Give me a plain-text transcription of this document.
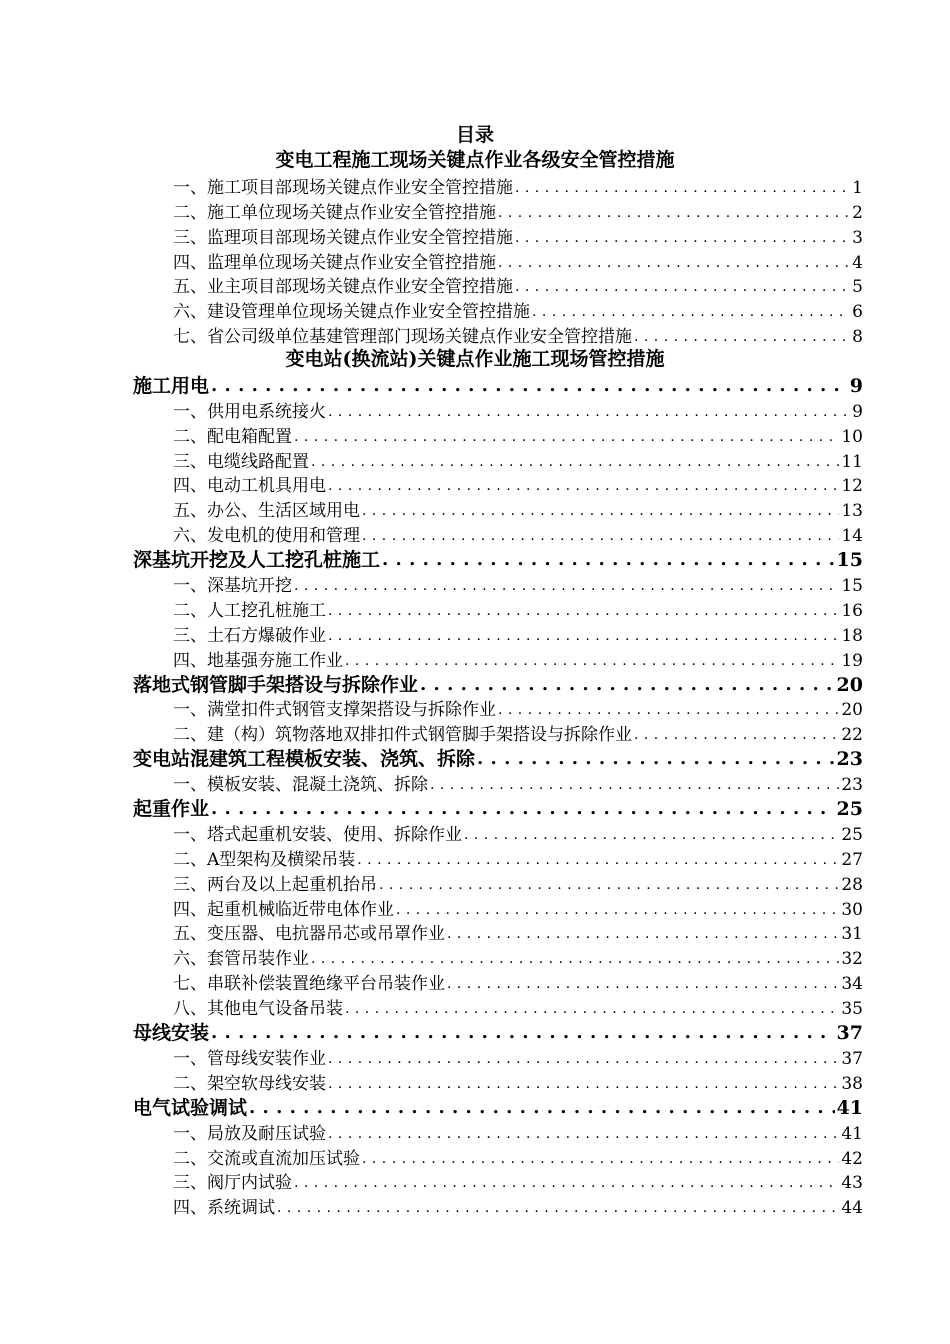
目录
变电工程施工现场关键点作业各级安全管控措施
一、施工项目部现场关键点作业安全管控措施 . . .	1
二、施工单位现场关键点作业安全管控措施 . . .	2
三、监理项目部现场关键点作业安全管控措施 . . .	3
四、监理单位现场关键点作业安全管控措施 . . .	4
五、业主项目部现场关键点作业安全管控措施 . . .	5
六、建设管理单位现场关键点作业安全管控措施 . . .	6
七、省公司级单位基建管理部门现场关键点作业安全管控措施 . . .	8
变电站(换流站)关键点作业施工现场管控措施
施工用电 . . .	9
一、供用电系统接火 . . .	9
二、配电箱配置 . . .	10
三、电缆线路配置 . . .	11
四、电动工机具用电 . . .	12
五、办公、生活区域用电 . . .	13
六、发电机的使用和管理 . . .	14
深基坑开挖及人工挖孔桩施工 . . .	15
一、深基坑开挖 . . .	15
二、人工挖孔桩施工 . . .	16
三、土石方爆破作业 . . .	18
四、地基强夯施工作业 . . .	19
落地式钢管脚手架搭设与拆除作业 . . .	20
一、满堂扣件式钢管支撑架搭设与拆除作业 . . .	20
二、建（构）筑物落地双排扣件式钢管脚手架搭设与拆除作业 . . .	22
变电站混建筑工程模板安装、浇筑、拆除 . . .	23
一、模板安装、混凝土浇筑、拆除 . . .	23
起重作业 . . .	25
一、塔式起重机安装、使用、拆除作业 . . .	25
二、A型架构及横梁吊装 . . .	27
三、两台及以上起重机抬吊 . . .	28
四、起重机械临近带电体作业 . . .	30
五、变压器、电抗器吊芯或吊罩作业 . . .	31
六、套管吊装作业 . . .	32
七、串联补偿装置绝缘平台吊装作业 . . .	34
八、其他电气设备吊装 . . .	35
母线安装 . . .	37
一、管母线安装作业 . . .	37
二、架空软母线安装 . . .	38
电气试验调试 . . .	41
一、局放及耐压试验 . . .	41
二、交流或直流加压试验 . . .	42
三、阀厅内试验 . . .	43
四、系统调试 . . .	44
